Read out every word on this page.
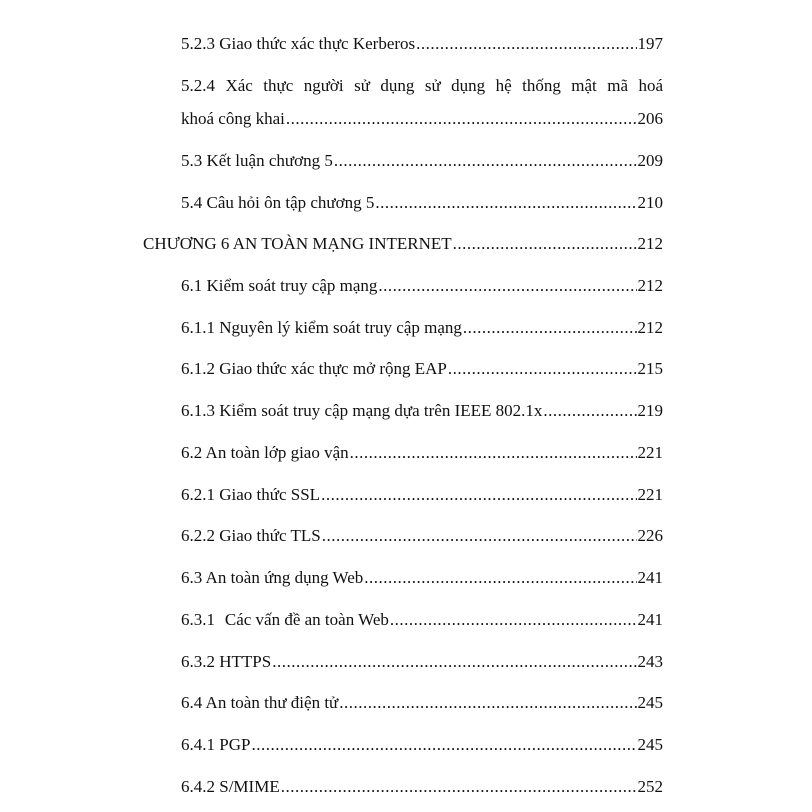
5.2.3 Giao thức xác thực Kerberos .....	197
5.2.4 Xác thực người sử dụng sử dụng hệ thống mật mã hoá
khoá công khai .....	206
5.3 Kết luận chương 5 .....	209
5.4 Câu hỏi ôn tập chương 5 .....	210
CHƯƠNG 6 AN TOÀN MẠNG INTERNET .....	212
6.1 Kiểm soát truy cập mạng .....	212
6.1.1 Nguyên lý kiểm soát truy cập mạng .....	212
6.1.2 Giao thức xác thực mở rộng EAP .....	215
6.1.3 Kiểm soát truy cập mạng dựa trên IEEE 802.1x .....	219
6.2 An toàn lớp giao vận .....	221
6.2.1 Giao thức SSL .....	221
6.2.2 Giao thức TLS .....	226
6.3 An toàn ứng dụng Web .....	241
6.3.1 Các vấn đề an toàn Web .....	241
6.3.2 HTTPS .....	243
6.4 An toàn thư điện tử .....	245
6.4.1 PGP .....	245
6.4.2 S/MIME .....	252
